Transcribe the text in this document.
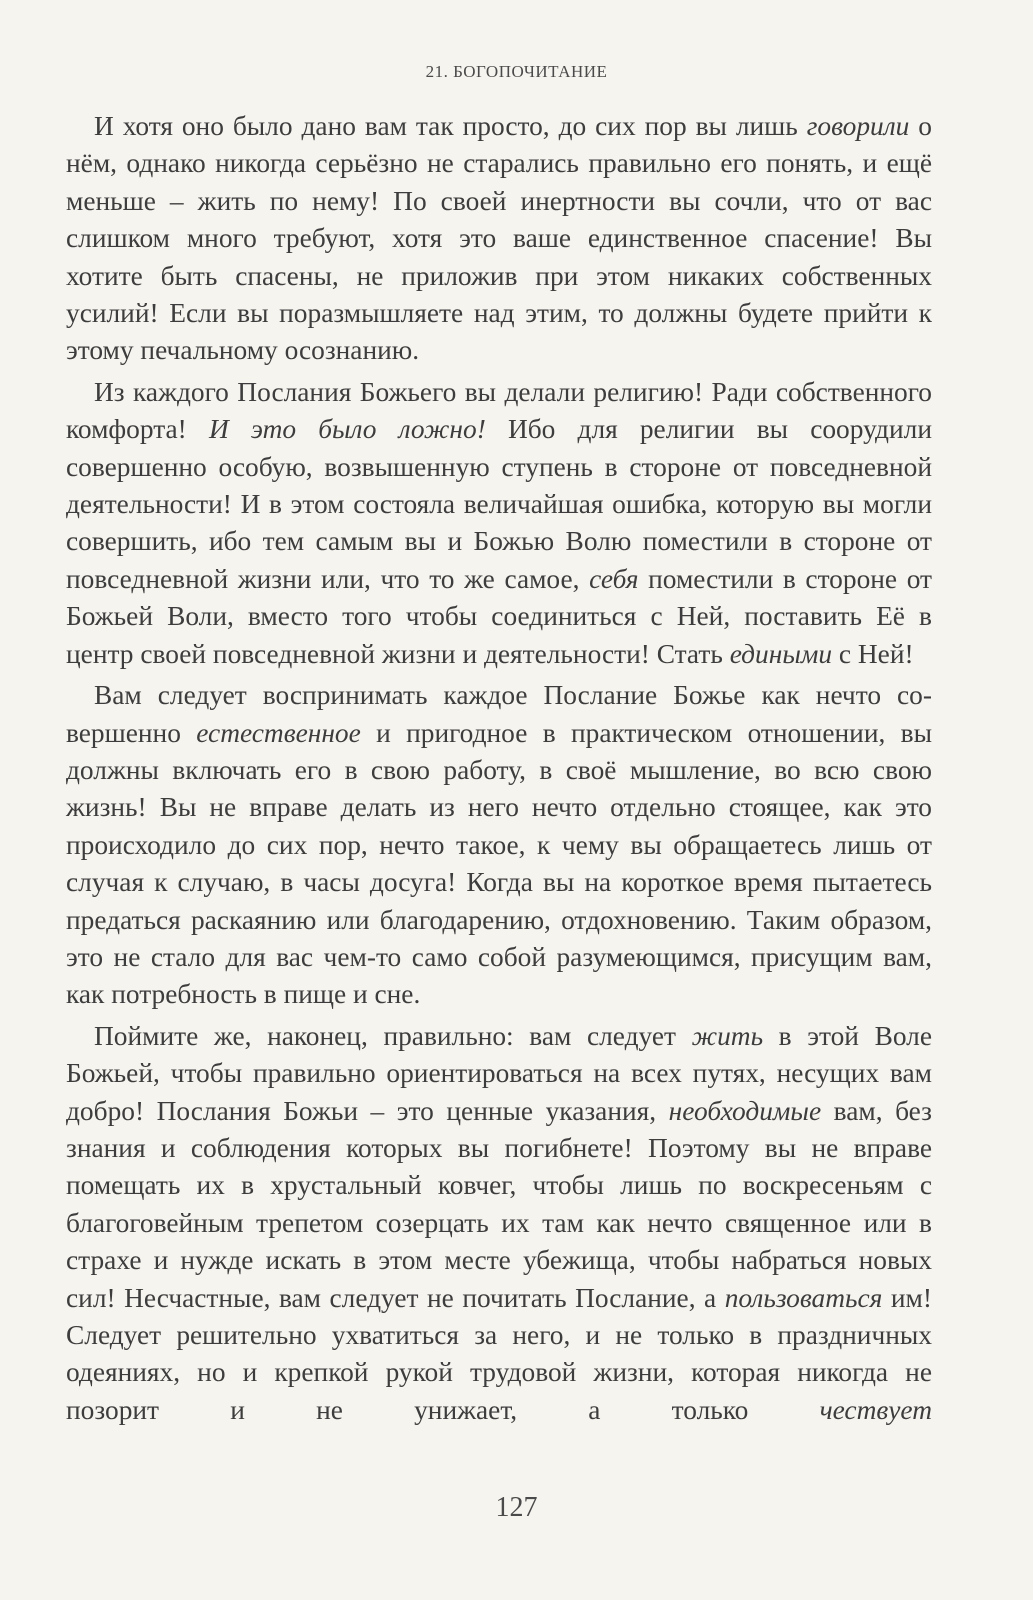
21. БОГОПОЧИТАНИЕ

И хотя оно было дано вам так просто, до сих пор вы лишь говорили о нём, однако никогда серьёзно не старались правильно его понять, и ещё меньше – жить по нему! По своей инертности вы сочли, что от вас слишком много требуют, хотя это ваше единственное спасение! Вы хотите быть спасены, не приложив при этом никаких собственных усилий! Если вы поразмышляете над этим, то должны будете прийти к этому печальному осознанию.

Из каждого Послания Божьего вы делали религию! Ради собственного комфорта! И это было ложно! Ибо для религии вы соорудили совершенно особую, возвышенную ступень в стороне от повседневной деятельности! И в этом состояла величайшая ошибка, которую вы могли совершить, ибо тем самым вы и Божью Волю поместили в стороне от повседневной жизни или, что то же самое, себя поместили в стороне от Божьей Воли, вместо того чтобы соединиться с Ней, поставить Её в центр своей повседневной жизни и деятельности! Стать едиными с Ней!

Вам следует воспринимать каждое Послание Божье как нечто совершенно естественное и пригодное в практическом отношении, вы должны включать его в свою работу, в своё мышление, во всю свою жизнь! Вы не вправе делать из него нечто отдельно стоящее, как это происходило до сих пор, нечто такое, к чему вы обращаетесь лишь от случая к случаю, в часы досуга! Когда вы на короткое время пытаетесь предаться раскаянию или благодарению, отдохновению. Таким образом, это не стало для вас чем-то само собой разумеющимся, присущим вам, как потребность в пище и сне.

Поймите же, наконец, правильно: вам следует жить в этой Воле Божьей, чтобы правильно ориентироваться на всех путях, несущих вам добро! Послания Божьи – это ценные указания, необходимые вам, без знания и соблюдения которых вы погибнете! Поэтому вы не вправе помещать их в хрустальный ковчег, чтобы лишь по воскресеньям с благоговейным трепетом созерцать их там как нечто священное или в страхе и нужде искать в этом месте убежища, чтобы набраться новых сил! Несчастные, вам следует не почитать Послание, а пользоваться им! Следует решительно ухватиться за него, и не только в праздничных одеяниях, но и крепкой рукой трудовой жизни, которая никогда не позорит и не унижает, а только чествует

127
